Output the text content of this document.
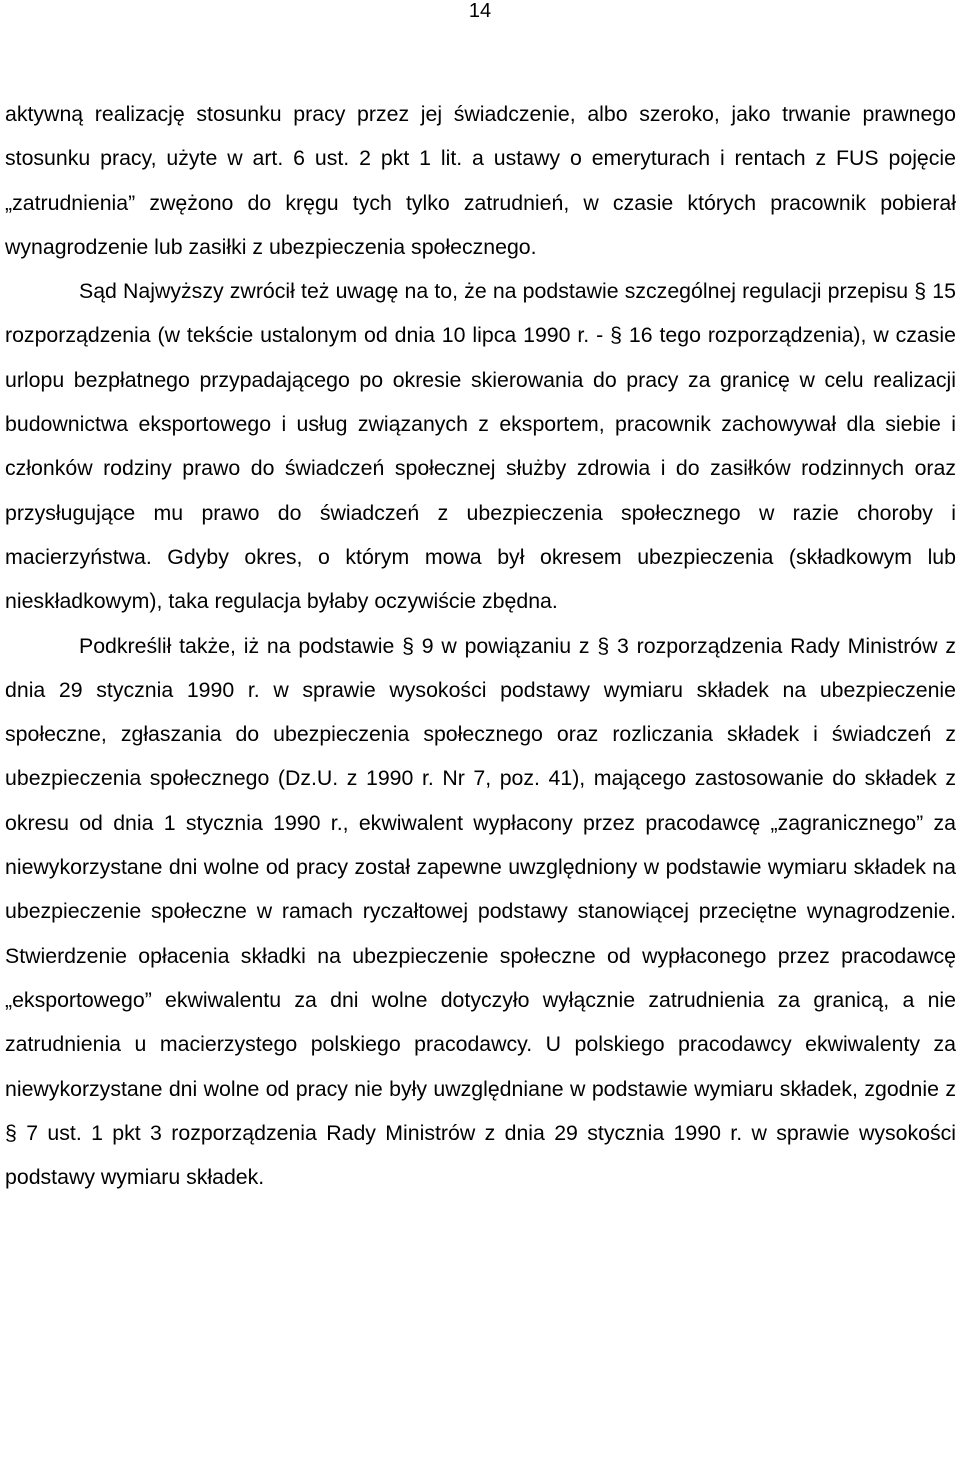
14

aktywną realizację stosunku pracy przez jej świadczenie, albo szeroko, jako trwanie prawnego stosunku pracy, użyte w art. 6 ust. 2 pkt 1 lit. a ustawy o emeryturach i rentach z FUS pojęcie „zatrudnienia” zwężono do kręgu tych tylko zatrudnień, w czasie których pracownik pobierał wynagrodzenie lub zasiłki z ubezpieczenia społecznego.

Sąd Najwyższy zwrócił też uwagę na to, że na podstawie szczególnej regulacji przepisu § 15 rozporządzenia (w tekście ustalonym od dnia 10 lipca 1990 r. - § 16 tego rozporządzenia), w czasie urlopu bezpłatnego przypadającego po okresie skierowania do pracy za granicę w celu realizacji budownictwa eksportowego i usług związanych z eksportem, pracownik zachowywał dla siebie i członków rodziny prawo do świadczeń społecznej służby zdrowia i do zasiłków rodzinnych oraz przysługujące mu prawo do świadczeń z ubezpieczenia społecznego w razie choroby i macierzyństwa. Gdyby okres, o którym mowa był okresem ubezpieczenia (składkowym lub nieskładkowym), taka regulacja byłaby oczywiście zbędna.

Podkreślił także, iż na podstawie § 9 w powiązaniu z § 3 rozporządzenia Rady Ministrów z dnia 29 stycznia 1990 r. w sprawie wysokości podstawy wymiaru składek na ubezpieczenie społeczne, zgłaszania do ubezpieczenia społecznego oraz rozliczania składek i świadczeń z ubezpieczenia społecznego (Dz.U. z 1990 r. Nr 7, poz. 41), mającego zastosowanie do składek z okresu od dnia 1 stycznia 1990 r., ekwiwalent wypłacony przez pracodawcę „zagranicznego” za niewykorzystane dni wolne od pracy został zapewne uwzględniony w podstawie wymiaru składek na ubezpieczenie społeczne w ramach ryczałtowej podstawy stanowiącej przeciętne wynagrodzenie. Stwierdzenie opłacenia składki na ubezpieczenie społeczne od wypłaconego przez pracodawcę „eksportowego” ekwiwalentu za dni wolne dotyczyło wyłącznie zatrudnienia za granicą, a nie zatrudnienia u macierzystego polskiego pracodawcy. U polskiego pracodawcy ekwiwalenty za niewykorzystane dni wolne od pracy nie były uwzględniane w podstawie wymiaru składek, zgodnie z § 7 ust. 1 pkt 3 rozporządzenia Rady Ministrów z dnia 29 stycznia 1990 r. w sprawie wysokości podstawy wymiaru składek.
